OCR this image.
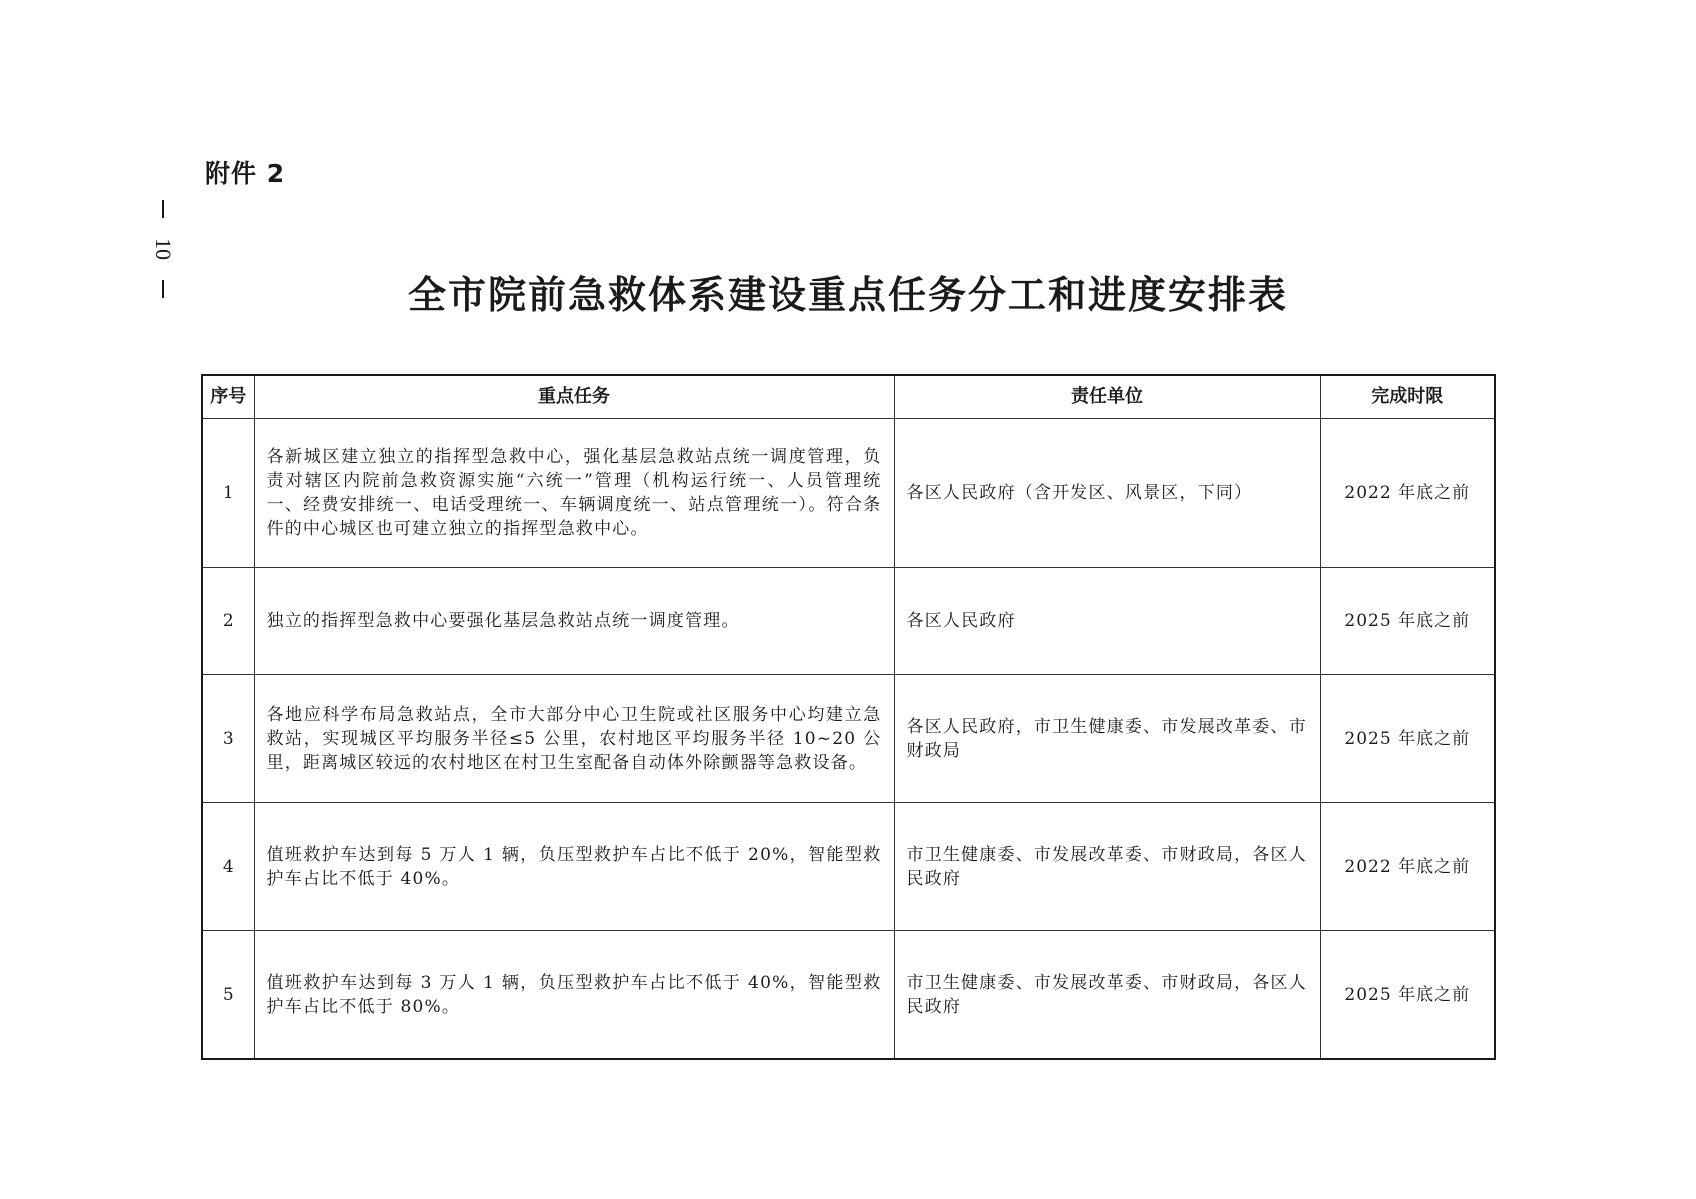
附件 2
10
全市院前急救体系建设重点任务分工和进度安排表
序号	重点任务	责任单位	完成时限
1	各新城区建立独立的指挥型急救中心，强化基层急救站点统一调度管理，负责对辖区内院前急救资源实施“六统一”管理（机构运行统一、人员管理统一、经费安排统一、电话受理统一、车辆调度统一、站点管理统一）。符合条件的中心城区也可建立独立的指挥型急救中心。	各区人民政府（含开发区、风景区，下同）	2022 年底之前
2	独立的指挥型急救中心要强化基层急救站点统一调度管理。	各区人民政府	2025 年底之前
3	各地应科学布局急救站点，全市大部分中心卫生院或社区服务中心均建立急救站，实现城区平均服务半径≤5 公里，农村地区平均服务半径 10~20 公里，距离城区较远的农村地区在村卫生室配备自动体外除颤器等急救设备。	各区人民政府，市卫生健康委、市发展改革委、市财政局	2025 年底之前
4	值班救护车达到每 5 万人 1 辆，负压型救护车占比不低于 20%，智能型救护车占比不低于 40%。	市卫生健康委、市发展改革委、市财政局，各区人民政府	2022 年底之前
5	值班救护车达到每 3 万人 1 辆，负压型救护车占比不低于 40%，智能型救护车占比不低于 80%。	市卫生健康委、市发展改革委、市财政局，各区人民政府	2025 年底之前
